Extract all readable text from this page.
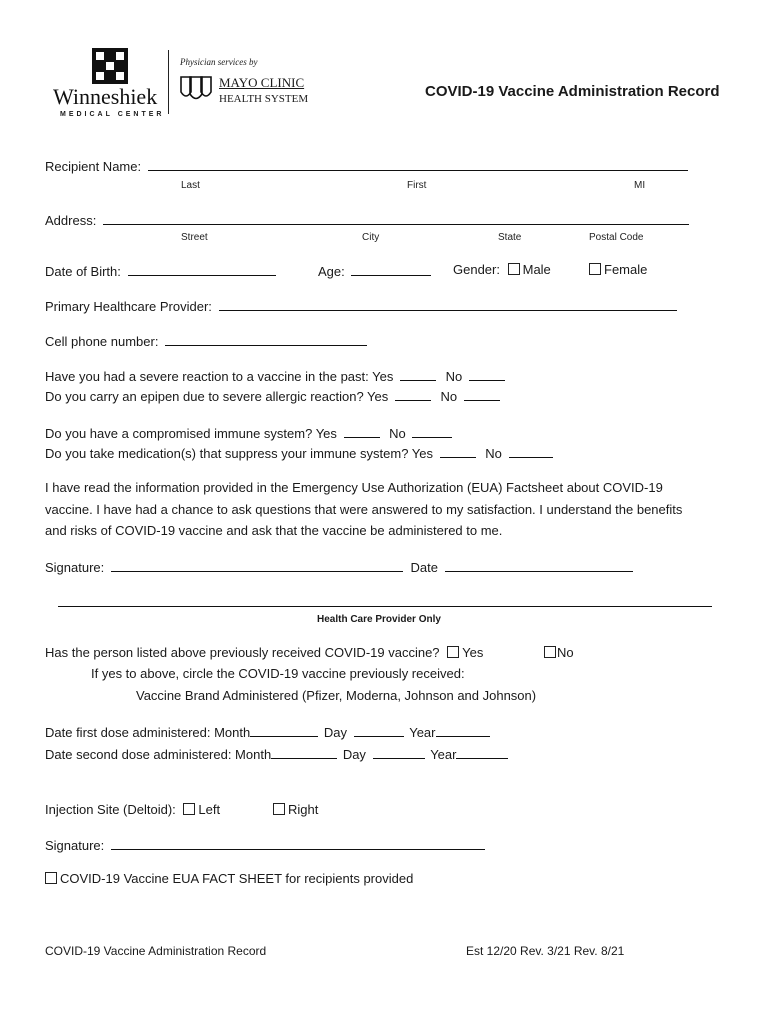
Winneshiek
MEDICAL CENTER
Physician services by
MAYO CLINIC
HEALTH SYSTEM	COVID-19 Vaccine Administration Record
Recipient Name:
Last	First	MI
Address:
Street	City	State	Postal Code
Date of Birth:	Age:	Gender: Male	Female
Primary Healthcare Provider:
Cell phone number:
Have you had a severe reaction to a vaccine in the past: Yes	No
Do you carry an epipen due to severe allergic reaction? Yes	No
Do you have a compromised immune system? Yes	No
Do you take medication(s) that suppress your immune system? Yes	No
I have read the information provided in the Emergency Use Authorization (EUA) Factsheet about COVID-19
vaccine. I have had a chance to ask questions that were answered to my satisfaction. I understand the benefits
and risks of COVID-19 vaccine and ask that the vaccine be administered to me.
Signature:	Date
Health Care Provider Only
Has the person listed above previously received COVID-19 vaccine? Yes	No
If yes to above, circle the COVID-19 vaccine previously received:
Vaccine Brand Administered (Pfizer, Moderna, Johnson and Johnson)
Date first dose administered: Month	Day	Year
Date second dose administered: Month	Day	Year
Injection Site (Deltoid): Left	Right
Signature:
COVID-19 Vaccine EUA FACT SHEET for recipients provided
COVID-19 Vaccine Administration Record	Est 12/20 Rev. 3/21 Rev. 8/21
